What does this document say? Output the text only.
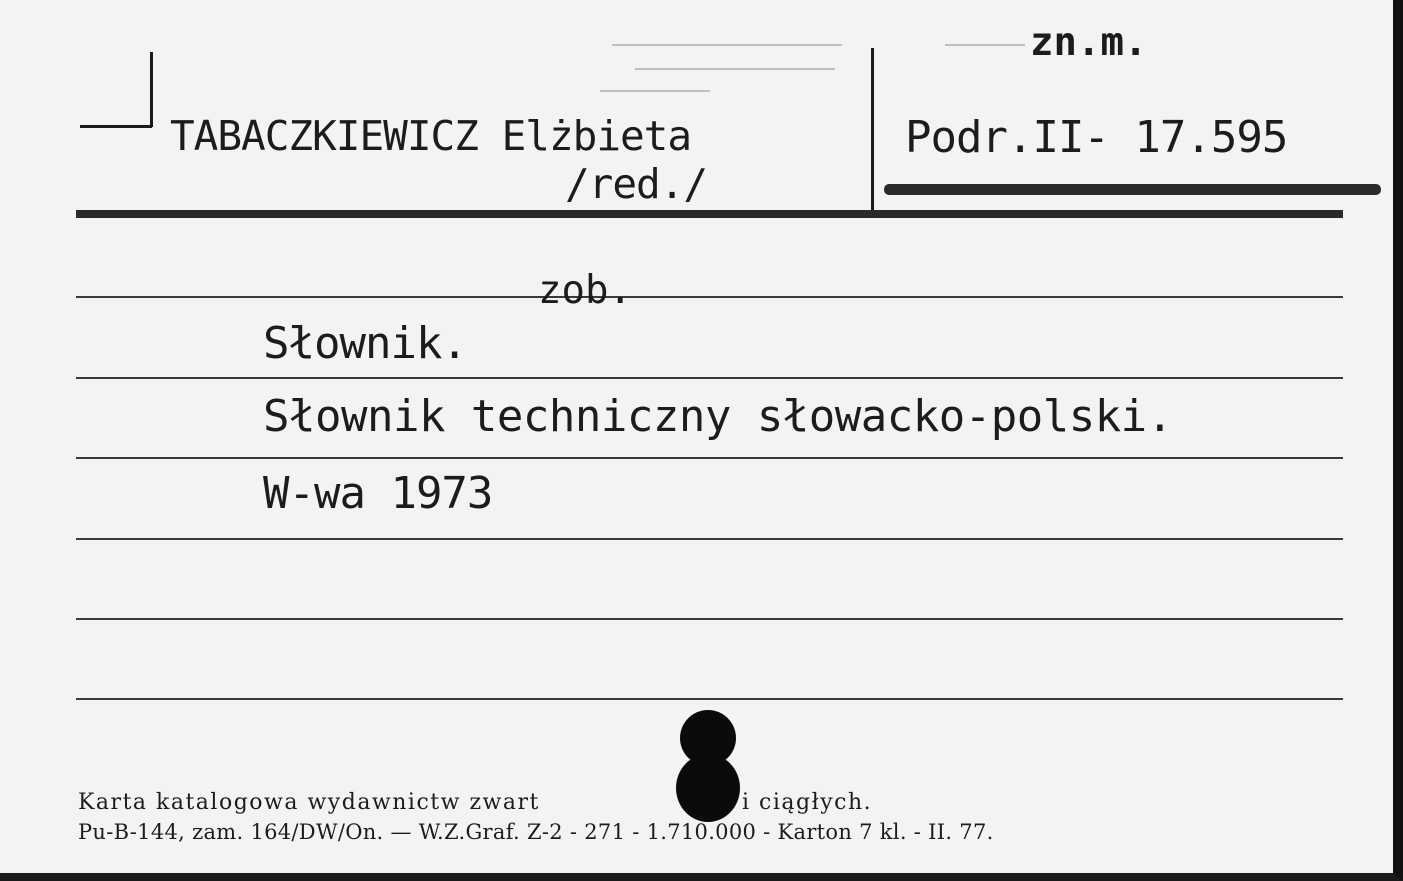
TABACZKIEWICZ Elżbieta
/red./
zn.m.
Podr.II- 17.595
zob.
Słownik.
Słownik techniczny słowacko-polski.
W-wa 1973
Karta katalogowa wydawnictw zwart	i ciągłych.
Pu-B-144, zam. 164/DW/On. — W.Z.Graf. Z-2 - 271 - 1.710.000 - Karton 7 kl. - II. 77.
